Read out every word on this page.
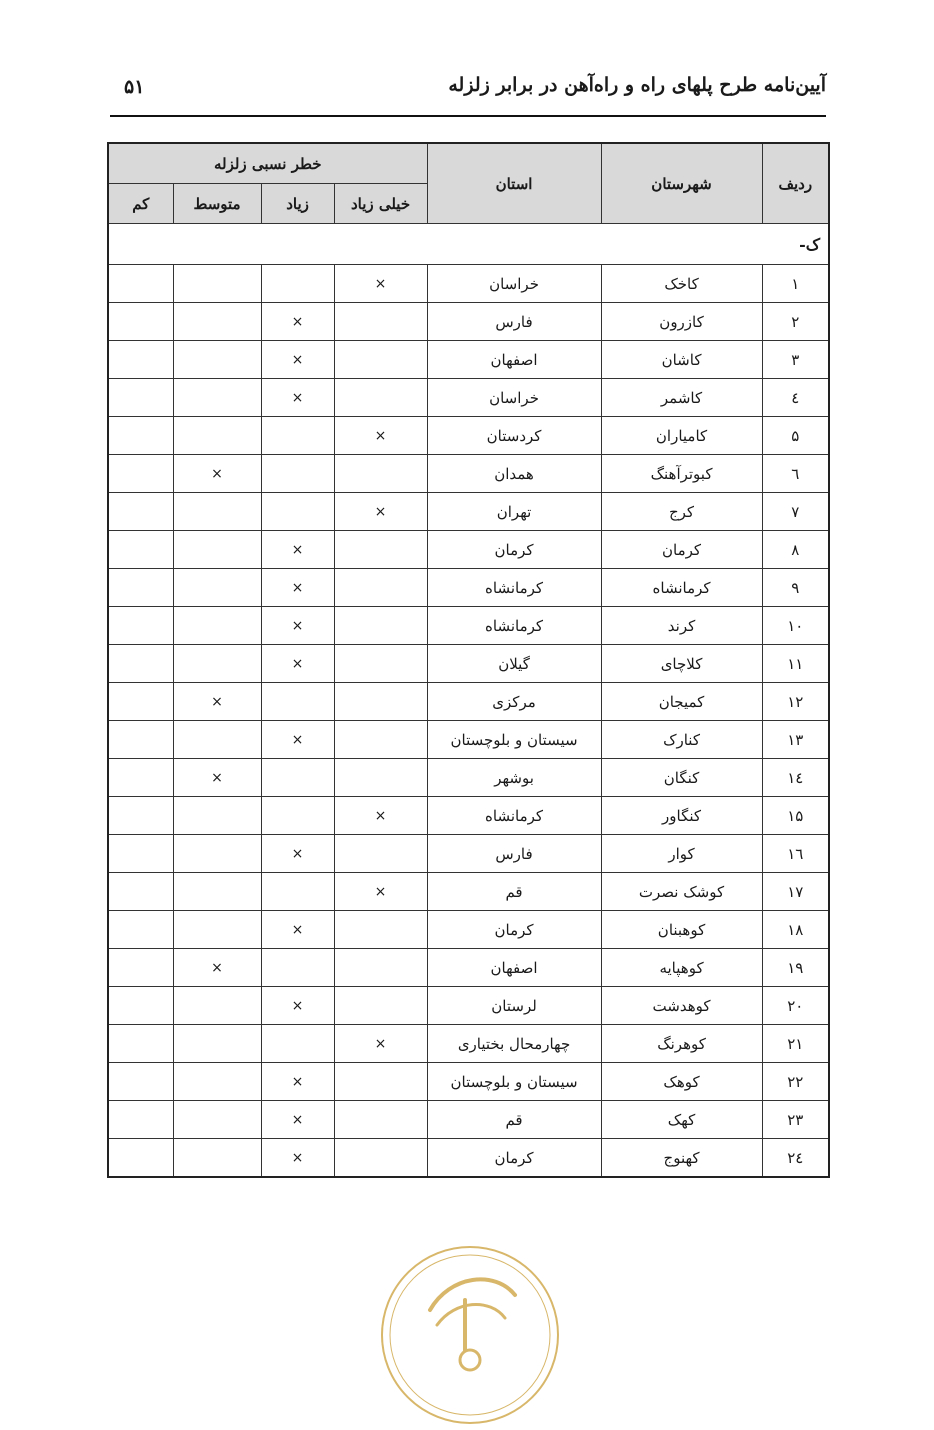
آیین‌نامه طرح پلهای راه و راه‌آهن در برابر زلزله
۵۱
ردیف	شهرستان	استان	خطر نسبی زلزله			
			خیلی زیاد	زیاد	متوسط	کم
ک-						
۱	کاخک	خراسان	×			
۲	کازرون	فارس		×		
۳	کاشان	اصفهان		×		
٤	کاشمر	خراسان		×		
۵	کامیاران	کردستان	×			
٦	کبوترآهنگ	همدان			×	
۷	کرج	تهران	×			
۸	کرمان	کرمان		×		
۹	کرمانشاه	کرمانشاه		×		
۱۰	کرند	کرمانشاه		×		
۱۱	کلاچای	گیلان		×		
۱۲	کمیجان	مرکزی			×	
۱۳	کنارک	سیستان و بلوچستان		×		
۱٤	کنگان	بوشهر			×	
۱۵	کنگاور	کرمانشاه	×			
۱٦	کوار	فارس		×		
۱۷	کوشک نصرت	قم	×			
۱۸	کوهبنان	کرمان		×		
۱۹	کوهپایه	اصفهان			×	
۲۰	کوهدشت	لرستان		×		
۲۱	کوهرنگ	چهارمحال بختیاری	×			
۲۲	کوهک	سیستان و بلوچستان		×		
۲۳	کهک	قم		×		
۲٤	کهنوج	کرمان		×		
